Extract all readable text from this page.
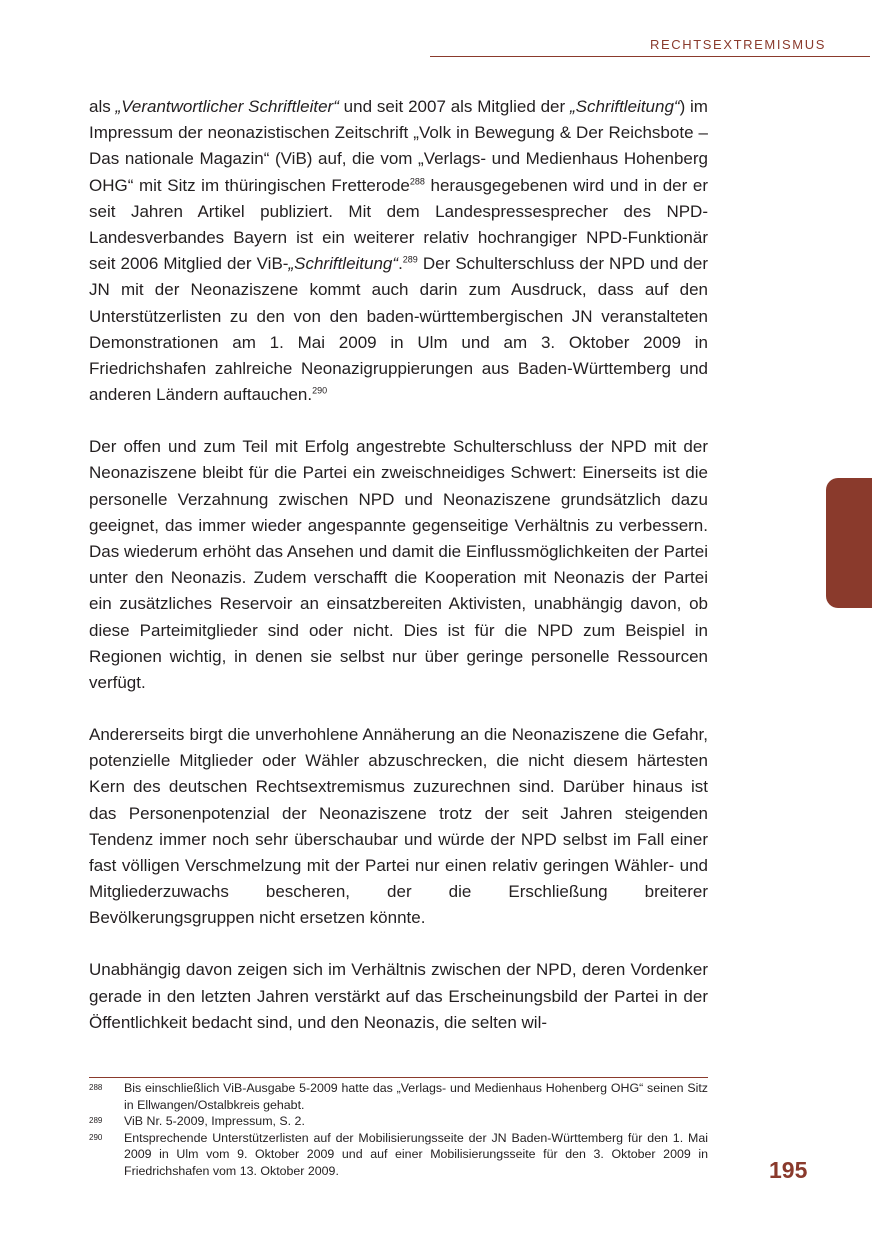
RECHTSEXTREMISMUS

als „Verantwortlicher Schriftleiter“ und seit 2007 als Mitglied der „Schriftleitung“) im Impressum der neonazistischen Zeitschrift „Volk in Bewegung & Der Reichsbote – Das nationale Magazin“ (ViB) auf, die vom „Verlags- und Medienhaus Hohenberg OHG“ mit Sitz im thüringischen Fretterode$^{288}$ herausgegebenen wird und in der er seit Jahren Artikel publiziert. Mit dem Landespressesprecher des NPD-Landesverbandes Bayern ist ein weiterer relativ hochrangiger NPD-Funktionär seit 2006 Mitglied der ViB-„Schriftleitung“.$^{289}$ Der Schulterschluss der NPD und der JN mit der Neonaziszene kommt auch darin zum Ausdruck, dass auf den Unterstützerlisten zu den von den baden-württembergischen JN veranstalteten Demonstrationen am 1. Mai 2009 in Ulm und am 3. Oktober 2009 in Friedrichshafen zahlreiche Neonazigruppierungen aus Baden-Württemberg und anderen Ländern auftauchen.$^{290}$

Der offen und zum Teil mit Erfolg angestrebte Schulterschluss der NPD mit der Neonaziszene bleibt für die Partei ein zweischneidiges Schwert: Einerseits ist die personelle Verzahnung zwischen NPD und Neonaziszene grundsätzlich dazu geeignet, das immer wieder angespannte gegenseitige Verhältnis zu verbessern. Das wiederum erhöht das Ansehen und damit die Einflussmöglichkeiten der Partei unter den Neonazis. Zudem verschafft die Kooperation mit Neonazis der Partei ein zusätzliches Reservoir an einsatzbereiten Aktivisten, unabhängig davon, ob diese Parteimitglieder sind oder nicht. Dies ist für die NPD zum Beispiel in Regionen wichtig, in denen sie selbst nur über geringe personelle Ressourcen verfügt.

Andererseits birgt die unverhohlene Annäherung an die Neonaziszene die Gefahr, potenzielle Mitglieder oder Wähler abzuschrecken, die nicht diesem härtesten Kern des deutschen Rechtsextremismus zuzurechnen sind. Darüber hinaus ist das Personenpotenzial der Neonaziszene trotz der seit Jahren steigenden Tendenz immer noch sehr überschaubar und würde der NPD selbst im Fall einer fast völligen Verschmelzung mit der Partei nur einen relativ geringen Wähler- und Mitgliederzuwachs bescheren, der die Erschließung breiterer Bevölkerungsgruppen nicht ersetzen könnte.

Unabhängig davon zeigen sich im Verhältnis zwischen der NPD, deren Vordenker gerade in den letzten Jahren verstärkt auf das Erscheinungsbild der Partei in der Öffentlichkeit bedacht sind, und den Neonazis, die selten wil-

288	Bis einschließlich ViB-Ausgabe 5-2009 hatte das „Verlags- und Medienhaus Hohenberg OHG“ seinen Sitz in Ellwangen/Ostalbkreis gehabt.
289	ViB Nr. 5-2009, Impressum, S. 2.
290	Entsprechende Unterstützerlisten auf der Mobilisierungsseite der JN Baden-Württemberg für den 1. Mai 2009 in Ulm vom 9. Oktober 2009 und auf einer Mobilisierungsseite für den 3. Oktober 2009 in Friedrichshafen vom 13. Oktober 2009.	195
